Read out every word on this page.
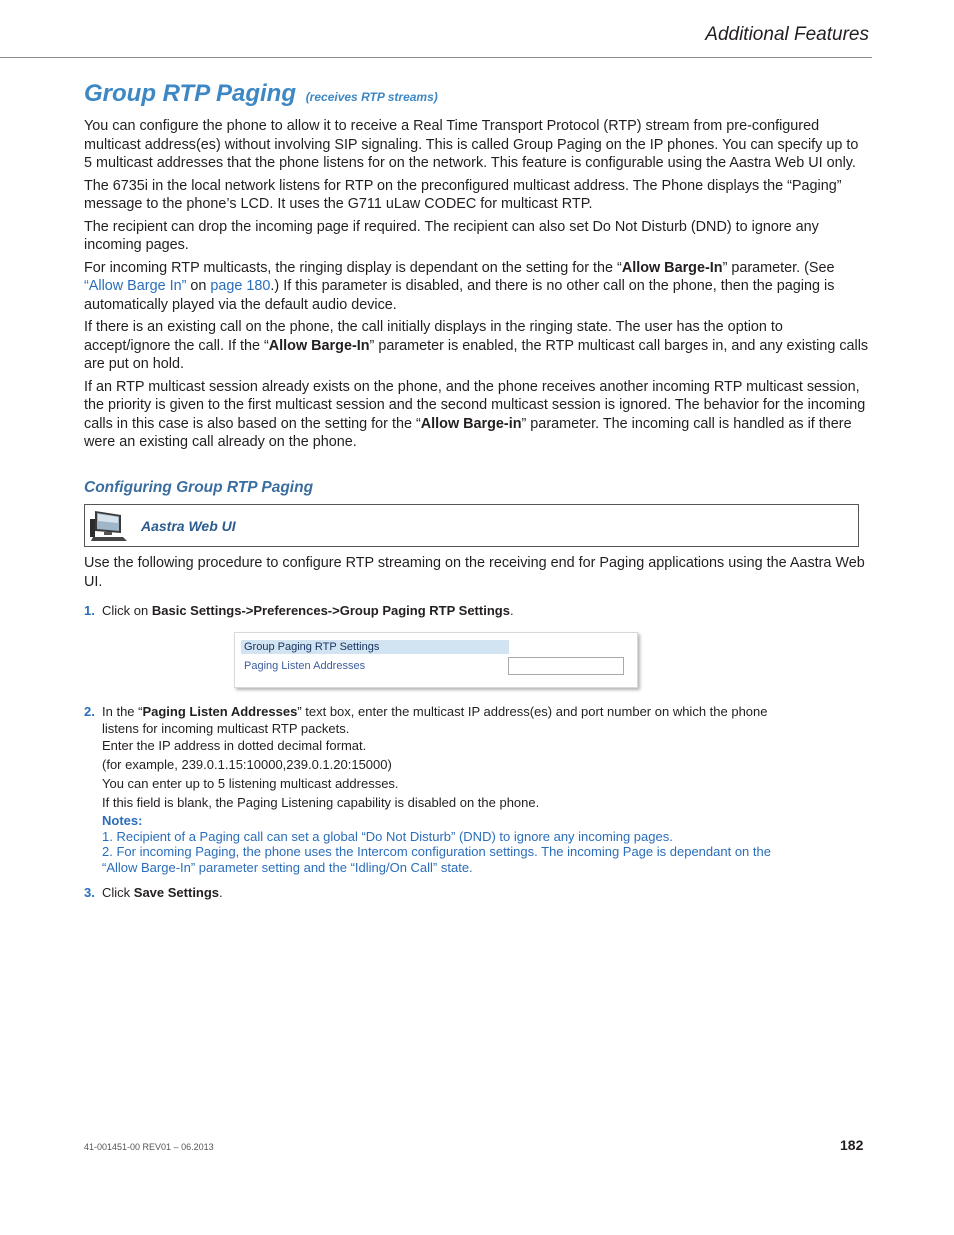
Additional Features
Group RTP Paging (receives RTP streams)

You can configure the phone to allow it to receive a Real Time Transport Protocol (RTP) stream from pre-configured multicast address(es) without involving SIP signaling. This is called Group Paging on the IP phones. You can specify up to 5 multicast addresses that the phone listens for on the network. This feature is configurable using the Aastra Web UI only.

The 6735i in the local network listens for RTP on the preconfigured multicast address. The Phone displays the “Paging” message to the phone’s LCD. It uses the G711 uLaw CODEC for multicast RTP.

The recipient can drop the incoming page if required. The recipient can also set Do Not Disturb (DND) to ignore any incoming pages.

For incoming RTP multicasts, the ringing display is dependant on the setting for the “Allow Barge-In” parameter. (See “Allow Barge In” on page 180.) If this parameter is disabled, and there is no other call on the phone, then the paging is automatically played via the default audio device.

If there is an existing call on the phone, the call initially displays in the ringing state. The user has the option to accept/ignore the call. If the “Allow Barge-In” parameter is enabled, the RTP multicast call barges in, and any existing calls are put on hold.

If an RTP multicast session already exists on the phone, and the phone receives another incoming RTP multicast session, the priority is given to the first multicast session and the second multicast session is ignored. The behavior for the incoming calls in this case is also based on the setting for the “Allow Barge-in” parameter. The incoming call is handled as if there were an existing call already on the phone.

Configuring Group RTP Paging
Aastra Web UI
Use the following procedure to configure RTP streaming on the receiving end for Paging applications using the Aastra Web UI.
1. Click on Basic Settings->Preferences->Group Paging RTP Settings.
Group Paging RTP Settings
Paging Listen Addresses
2. In the “Paging Listen Addresses” text box, enter the multicast IP address(es) and port number on which the phone listens for incoming multicast RTP packets.
Enter the IP address in dotted decimal format.
(for example, 239.0.1.15:10000,239.0.1.20:15000)
You can enter up to 5 listening multicast addresses.
If this field is blank, the Paging Listening capability is disabled on the phone.
Notes:
1. Recipient of a Paging call can set a global “Do Not Disturb” (DND) to ignore any incoming pages.
2. For incoming Paging, the phone uses the Intercom configuration settings. The incoming Page is dependant on the “Allow Barge-In” parameter setting and the “Idling/On Call” state.
3. Click Save Settings.
41-001451-00 REV01 – 06.2013	182
